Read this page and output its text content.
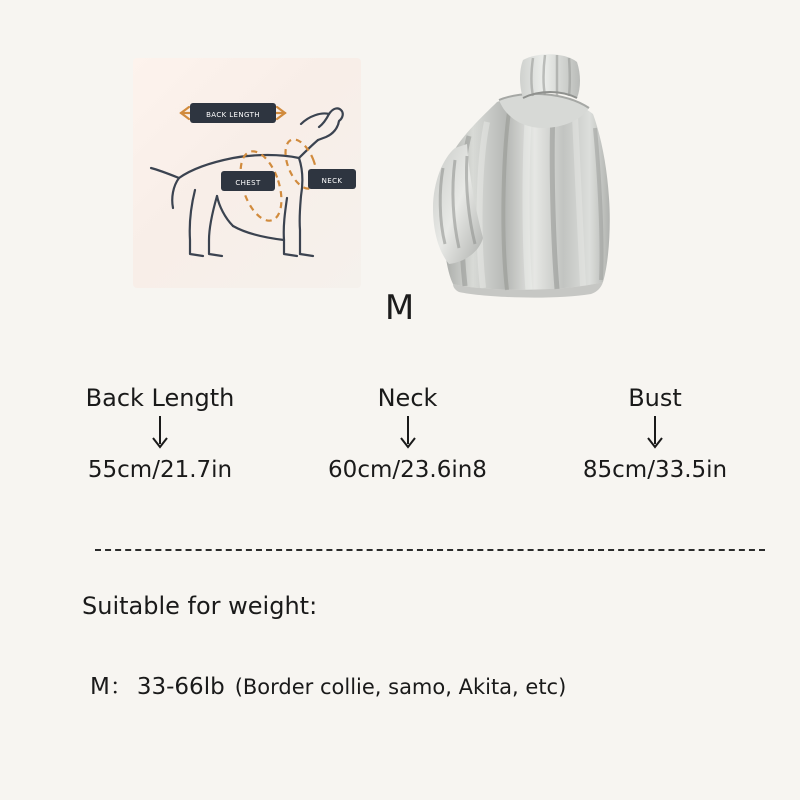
BACK LENGTH
CHEST	NECK
M
Back Length
55cm/21.7in
Neck
60cm/23.6in8
Bust
85cm/33.5in
Suitable for weight:
M： 33-66lb (Border collie, samo, Akita, etc)
